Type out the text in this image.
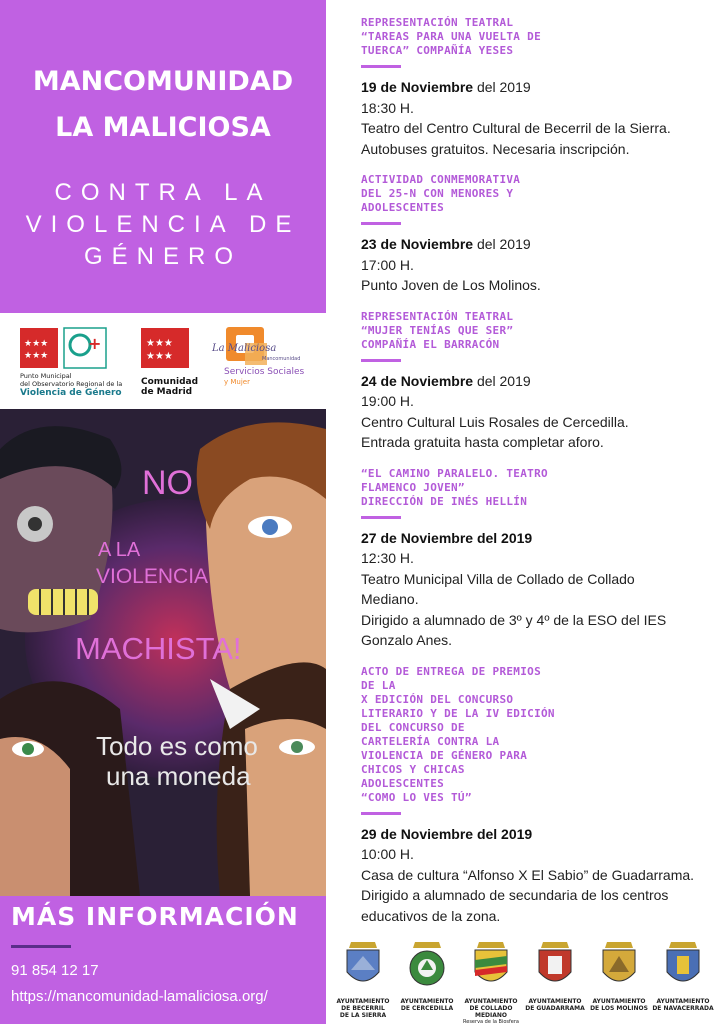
MANCOMUNIDAD
LA MALICIOSA
CONTRA LA
VIOLENCIA DE
GÉNERO
★★★
★★★
+	★★★
★★★
Punto Municipal
del Observatorio Regional de la
Violencia de Género
Comunidad
de Madrid
La Maliciosa
Mancomunidad
Servicios Sociales
y Mujer
NO
A LA
VIOLENCIA
MACHISTA!
Todo es como
una moneda
MÁS INFORMACIÓN
91 854 12 17
https://mancomunidad-lamaliciosa.org/
REPRESENTACIÓN TEATRAL
“TAREAS PARA UNA VUELTA DE
TUERCA” COMPAÑÍA YESES
19 de Noviembre del 2019
18:30 H.
Teatro del Centro Cultural de Becerril de la Sierra.
Autobuses gratuitos. Necesaria inscripción.
ACTIVIDAD CONMEMORATIVA
DEL 25-N CON MENORES Y
ADOLESCENTES
23 de Noviembre del 2019
17:00 H.
Punto Joven de Los Molinos.
REPRESENTACIÓN TEATRAL
“MUJER TENÍAS QUE SER”
COMPAÑÍA EL BARRACÓN
24 de Noviembre del 2019
19:00 H.
Centro Cultural Luis Rosales de Cercedilla.
Entrada gratuita hasta completar aforo.
“EL CAMINO PARALELO. TEATRO
FLAMENCO JOVEN”
DIRECCIÓN DE INÉS HELLÍN
27 de Noviembre del 2019
12:30 H.
Teatro Municipal Villa de Collado de Collado
Mediano.
Dirigido a alumnado de 3º y 4º de la ESO del IES
Gonzalo Anes.
ACTO DE ENTREGA DE PREMIOS
DE LA
X EDICIÓN DEL CONCURSO
LITERARIO Y DE LA IV EDICIÓN
DEL CONCURSO DE
CARTELERÍA CONTRA LA
VIOLENCIA DE GÉNERO PARA
CHICOS Y CHICAS
ADOLESCENTES
“COMO LO VES TÚ”
29 de Noviembre del 2019
10:00 H.
Casa de cultura “Alfonso X El Sabio” de Guadarrama.
Dirigido a alumnado de secundaria de los centros
educativos de la zona.
AYUNTAMIENTO
DE BECERRIL
DE LA SIERRA
AYUNTAMIENTO
DE CERCEDILLA
AYUNTAMIENTO
DE COLLADO MEDIANO
Reserva de la Biosfera
AYUNTAMIENTO
DE GUADARRAMA
AYUNTAMIENTO
DE LOS MOLINOS
AYUNTAMIENTO
DE NAVACERRADA
